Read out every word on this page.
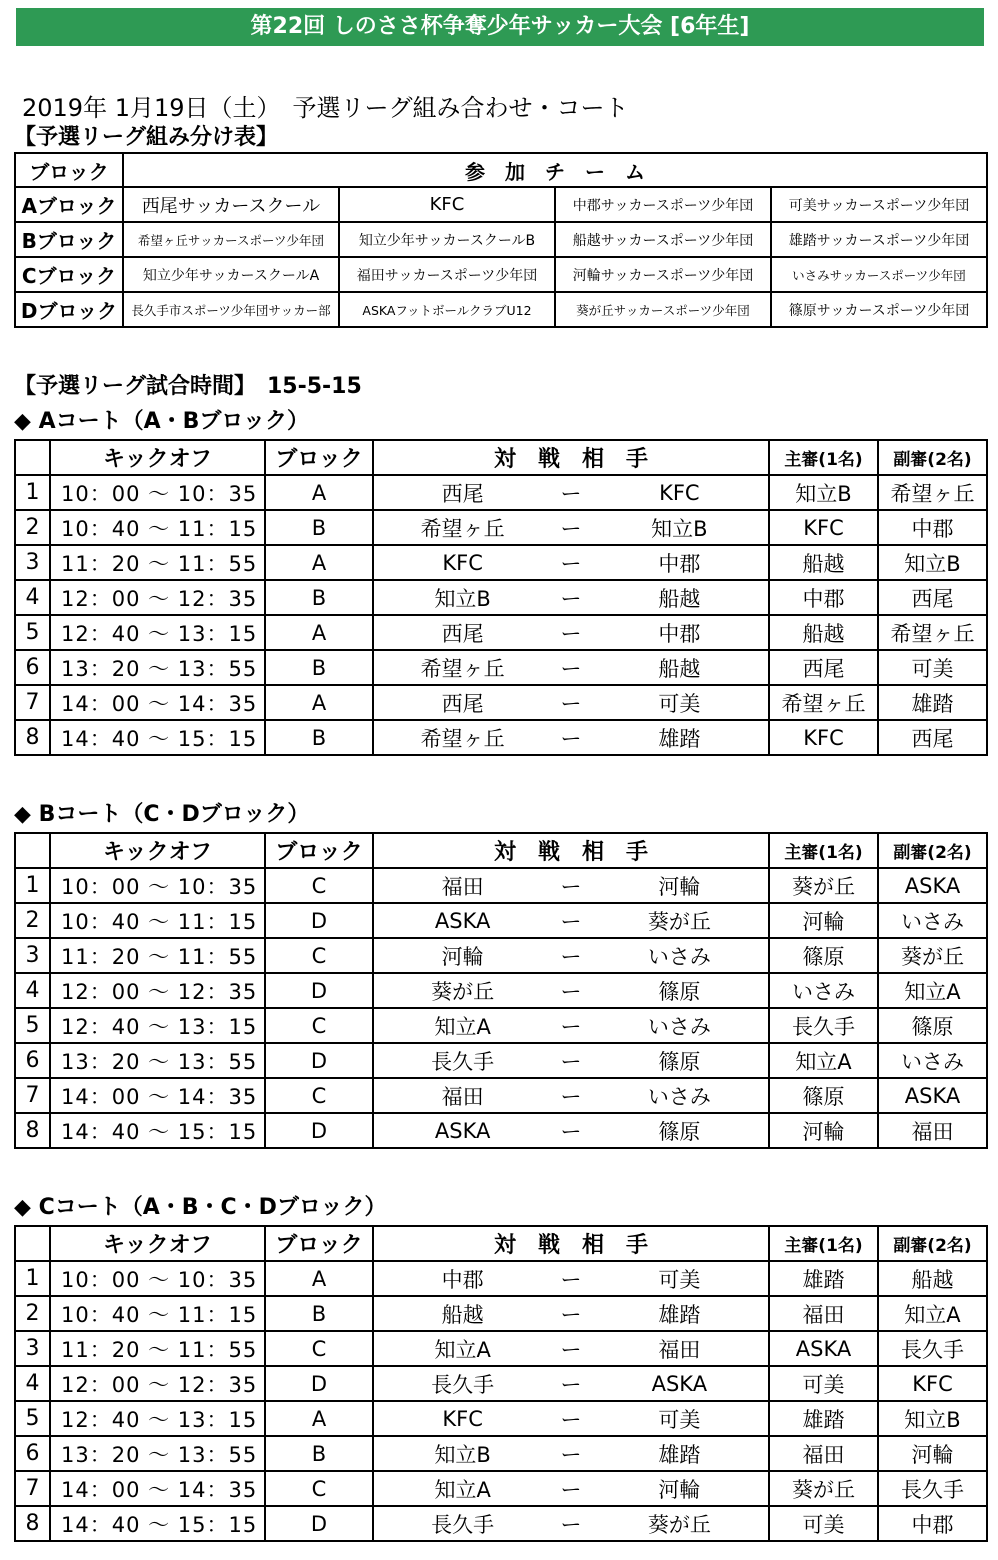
第22回 しのささ杯争奪少年サッカー大会 [6年生]
2019年 1月19日（土）　予選リーグ組み合わせ・コート
【予選リーグ組み分け表】
ブロック	参　加　チ　ー　ム			
Aブロック	西尾サッカースクール	KFC	中郡サッカースポーツ少年団	可美サッカースポーツ少年団
Bブロック	希望ヶ丘サッカースポーツ少年団	知立少年サッカースクールB	船越サッカースポーツ少年団	雄踏サッカースポーツ少年団
Cブロック	知立少年サッカースクールA	福田サッカースポーツ少年団	河輪サッカースポーツ少年団	いさみサッカースポーツ少年団
Dブロック	長久手市スポーツ少年団サッカー部	ASKAフットボールクラブU12	葵が丘サッカースポーツ少年団	篠原サッカースポーツ少年団
【予選リーグ試合時間】　15-5-15
◆ Aコート（A・Bブロック）
	キックオフ	ブロック	対　戦　相　手	主審(1名)	副審(2名)
1	10：00 ～ 10：35	A	西尾 ー KFC	知立B	希望ヶ丘
2	10：40 ～ 11：15	B	希望ヶ丘 ー 知立B	KFC	中郡
3	11：20 ～ 11：55	A	KFC ー 中郡	船越	知立B
4	12：00 ～ 12：35	B	知立B ー 船越	中郡	西尾
5	12：40 ～ 13：15	A	西尾 ー 中郡	船越	希望ヶ丘
6	13：20 ～ 13：55	B	希望ヶ丘 ー 船越	西尾	可美
7	14：00 ～ 14：35	A	西尾 ー 可美	希望ヶ丘	雄踏
8	14：40 ～ 15：15	B	希望ヶ丘 ー 雄踏	KFC	西尾
◆ Bコート（C・Dブロック）
	キックオフ	ブロック	対　戦　相　手	主審(1名)	副審(2名)
1	10：00 ～ 10：35	C	福田 ー 河輪	葵が丘	ASKA
2	10：40 ～ 11：15	D	ASKA ー 葵が丘	河輪	いさみ
3	11：20 ～ 11：55	C	河輪 ー いさみ	篠原	葵が丘
4	12：00 ～ 12：35	D	葵が丘 ー 篠原	いさみ	知立A
5	12：40 ～ 13：15	C	知立A ー いさみ	長久手	篠原
6	13：20 ～ 13：55	D	長久手 ー 篠原	知立A	いさみ
7	14：00 ～ 14：35	C	福田 ー いさみ	篠原	ASKA
8	14：40 ～ 15：15	D	ASKA ー 篠原	河輪	福田
◆ Cコート（A・B・C・Dブロック）
	キックオフ	ブロック	対　戦　相　手	主審(1名)	副審(2名)
1	10：00 ～ 10：35	A	中郡 ー 可美	雄踏	船越
2	10：40 ～ 11：15	B	船越 ー 雄踏	福田	知立A
3	11：20 ～ 11：55	C	知立A ー 福田	ASKA	長久手
4	12：00 ～ 12：35	D	長久手 ー ASKA	可美	KFC
5	12：40 ～ 13：15	A	KFC ー 可美	雄踏	知立B
6	13：20 ～ 13：55	B	知立B ー 雄踏	福田	河輪
7	14：00 ～ 14：35	C	知立A ー 河輪	葵が丘	長久手
8	14：40 ～ 15：15	D	長久手 ー 葵が丘	可美	中郡
